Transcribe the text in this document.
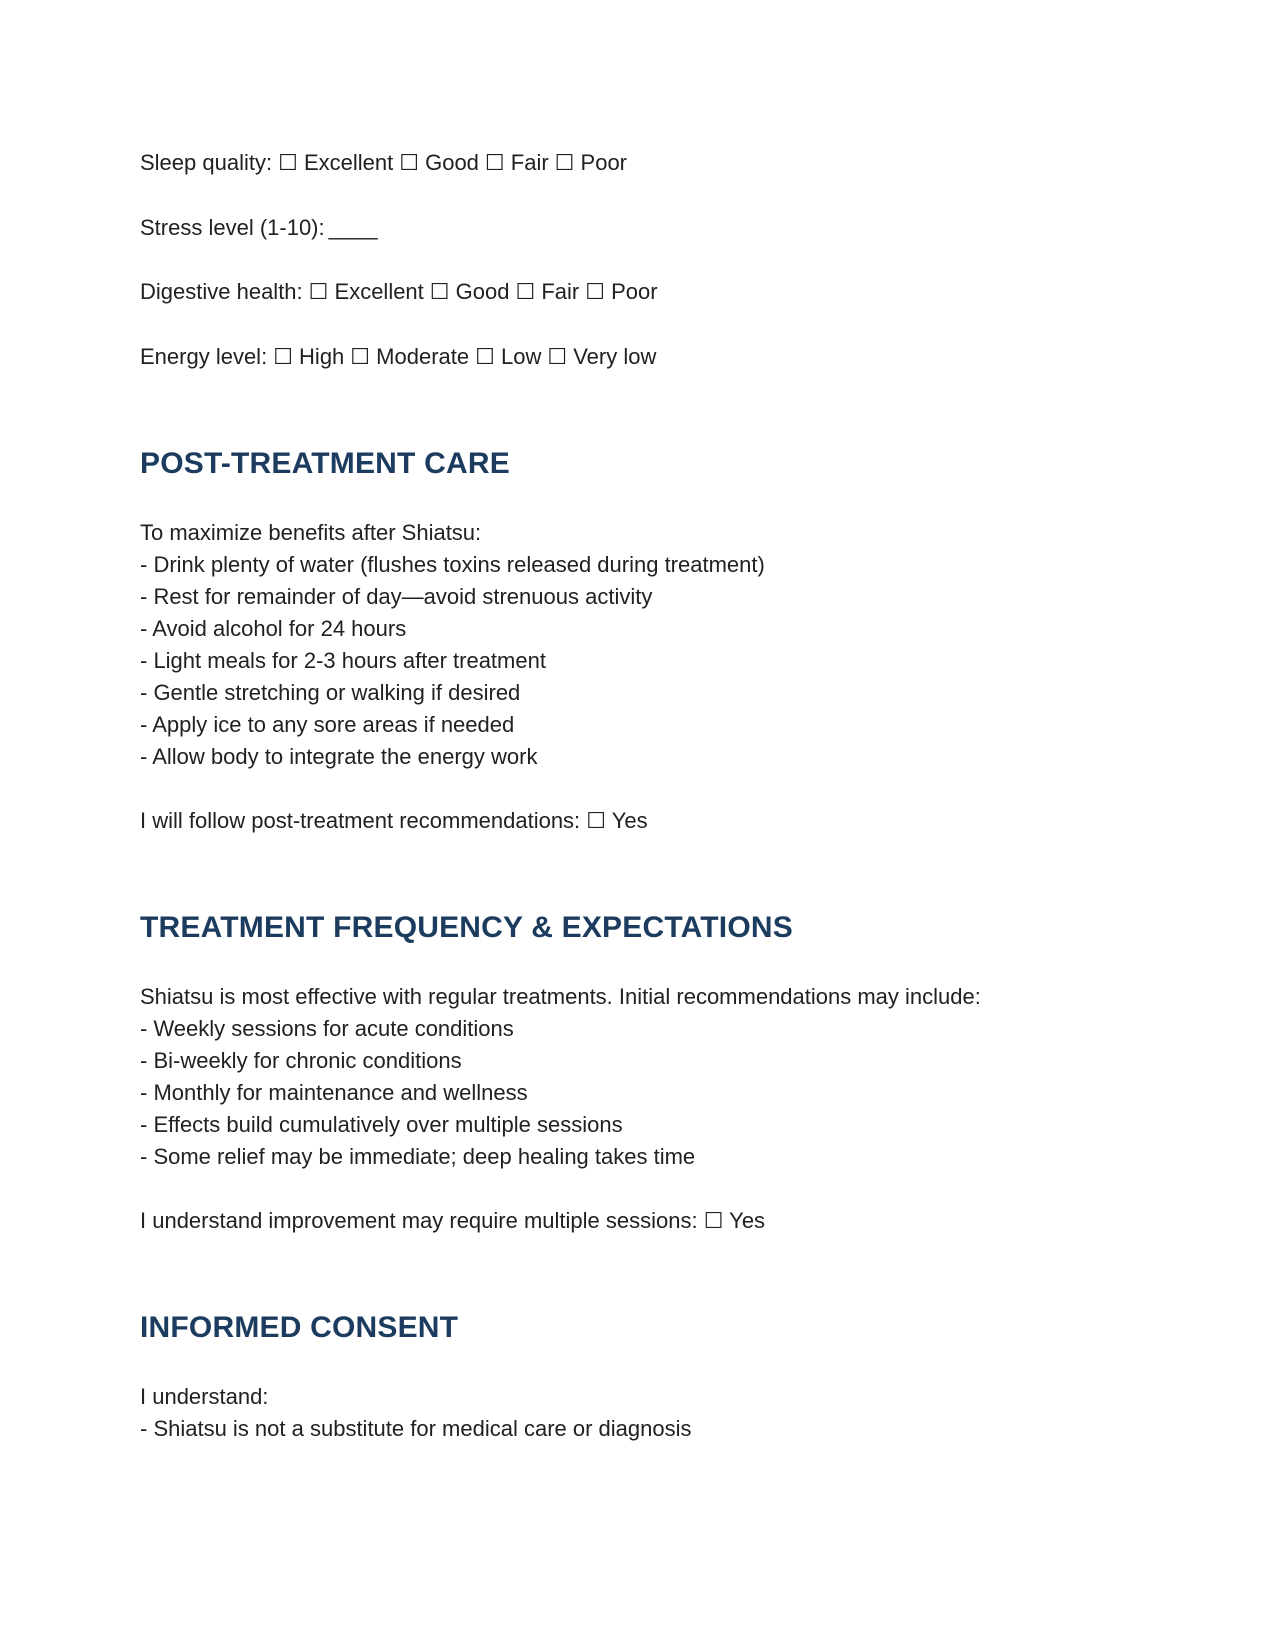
Sleep quality: ☐ Excellent ☐ Good ☐ Fair ☐ Poor

Stress level (1-10): ____

Digestive health: ☐ Excellent ☐ Good ☐ Fair ☐ Poor

Energy level: ☐ High ☐ Moderate ☐ Low ☐ Very low

POST-TREATMENT CARE

To maximize benefits after Shiatsu:

- Drink plenty of water (flushes toxins released during treatment)

- Rest for remainder of day—avoid strenuous activity

- Avoid alcohol for 24 hours

- Light meals for 2-3 hours after treatment

- Gentle stretching or walking if desired

- Apply ice to any sore areas if needed

- Allow body to integrate the energy work

I will follow post-treatment recommendations: ☐ Yes

TREATMENT FREQUENCY & EXPECTATIONS

Shiatsu is most effective with regular treatments. Initial recommendations may include:

- Weekly sessions for acute conditions

- Bi-weekly for chronic conditions

- Monthly for maintenance and wellness

- Effects build cumulatively over multiple sessions

- Some relief may be immediate; deep healing takes time

I understand improvement may require multiple sessions: ☐ Yes

INFORMED CONSENT

I understand:

- Shiatsu is not a substitute for medical care or diagnosis
